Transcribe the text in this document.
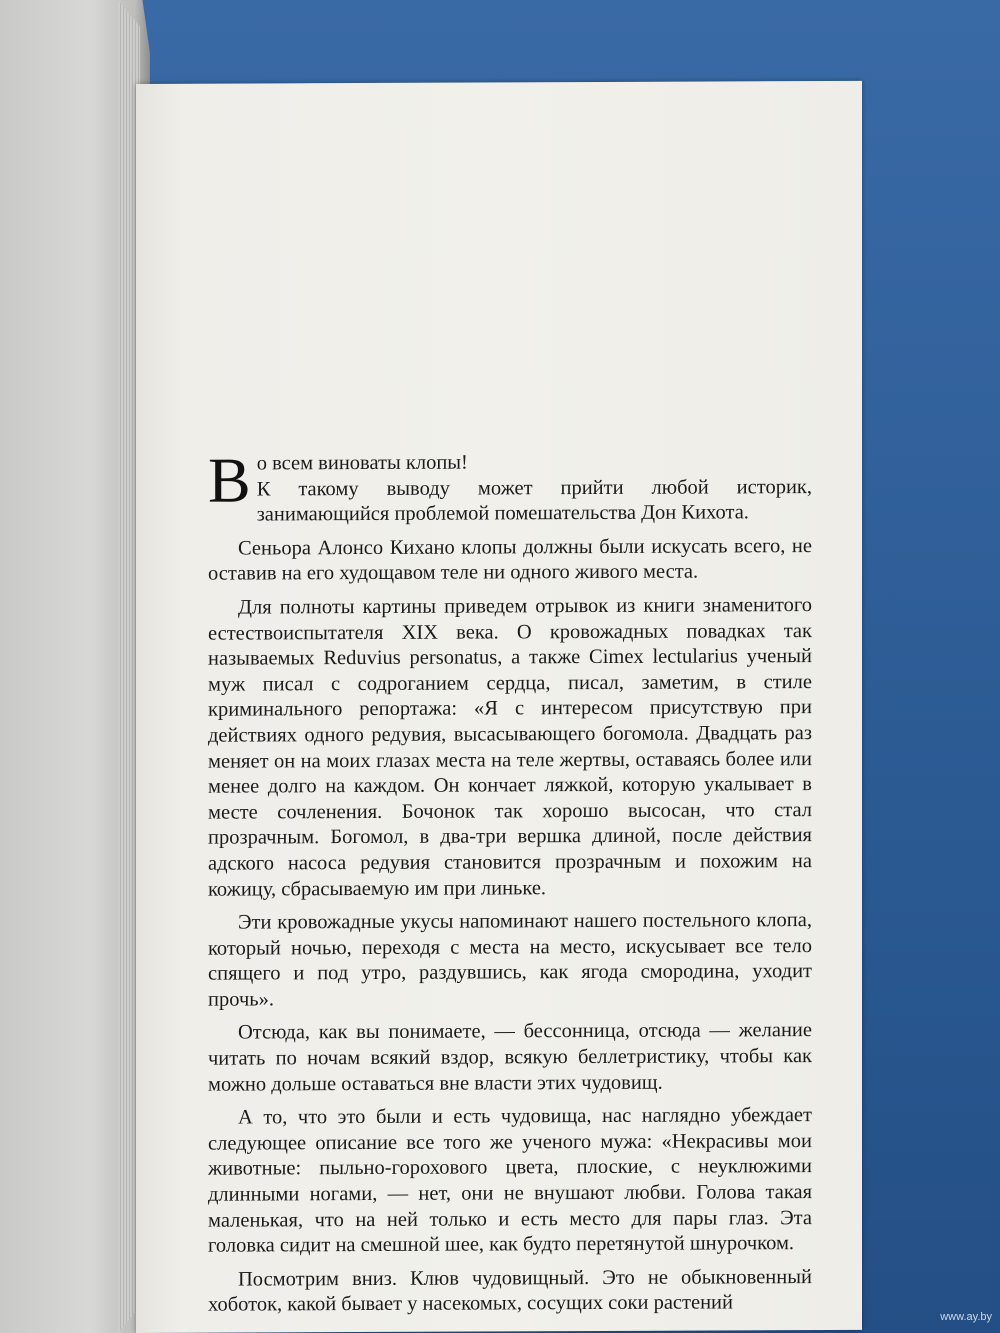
Во всем виноваты клопы!
К такому выводу может прийти любой историк, занимающийся проблемой помешательства Дон Кихота.

Сеньора Алонсо Кихано клопы должны были искусать всего, не оставив на его худощавом теле ни одного живого места.

Для полноты картины приведем отрывок из книги знаменитого естествоиспытателя XIX века. О кровожадных повадках так называемых Reduvius personatus, а также Cimex lectularius ученый муж писал с содроганием сердца, писал, заметим, в стиле криминального репортажа: «Я с интересом присутствую при действиях одного редувия, высасывающего богомола. Двадцать раз меняет он на моих глазах места на теле жертвы, оставаясь более или менее долго на каждом. Он кончает ляжкой, которую укалывает в месте сочленения. Бочонок так хорошо высосан, что стал прозрачным. Богомол, в два-три вершка длиной, после действия адского насоса редувия становится прозрачным и похожим на кожицу, сбрасываемую им при линьке.

Эти кровожадные укусы напоминают нашего постельного клопа, который ночью, переходя с места на место, искусывает все тело спящего и под утро, раздувшись, как ягода смородина, уходит прочь».

Отсюда, как вы понимаете, — бессонница, отсюда — желание читать по ночам всякий вздор, всякую беллетристику, чтобы как можно дольше оставаться вне власти этих чудовищ.

А то, что это были и есть чудовища, нас наглядно убеждает следующее описание все того же ученого мужа: «Некрасивы мои животные: пыльно-горохового цвета, плоские, с неуклюжими длинными ногами, — нет, они не внушают любви. Голова такая маленькая, что на ней только и есть место для пары глаз. Эта головка сидит на смешной шее, как будто перетянутой шнурочком.

Посмотрим вниз. Клюв чудовищный. Это не обыкновенный хоботок, какой бывает у насекомых, сосущих соки растений

www.ay.by
